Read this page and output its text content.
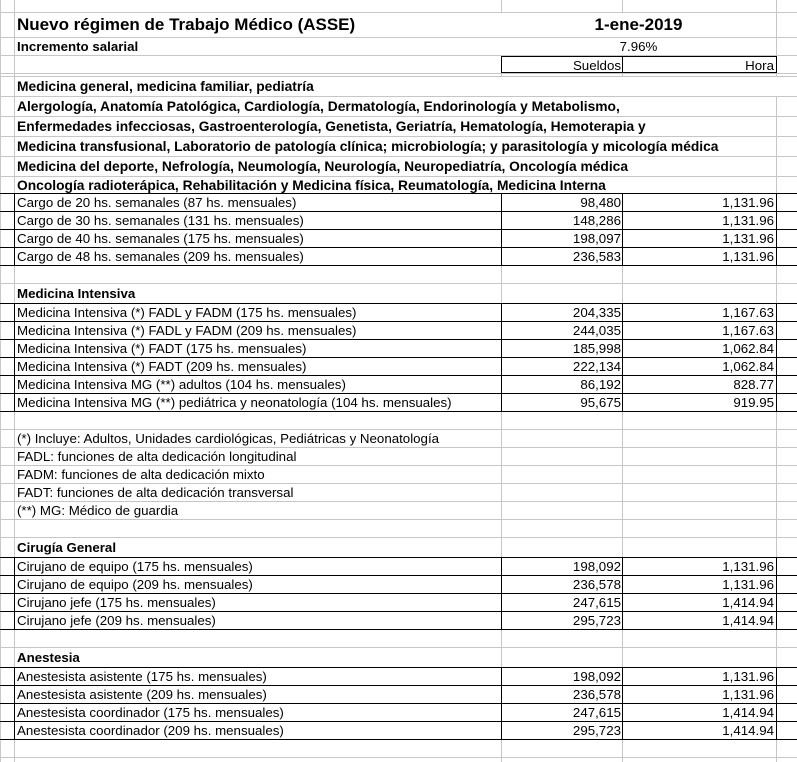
Nuevo régimen de Trabajo Médico (ASSE)	1-ene-2019
Incremento salarial	7.96%
Sueldos	Hora
Medicina general, medicina familiar, pediatría
Alergología, Anatomía Patológica, Cardiología, Dermatología, Endorinología y Metabolismo,
Enfermedades infecciosas, Gastroenterología, Genetista, Geriatría, Hematología, Hemoterapia y
Medicina transfusional, Laboratorio de patología clínica; microbiología; y parasitología y micología médica
Medicina del deporte, Nefrología, Neumología, Neurología, Neuropediatría, Oncología médica
Oncología radioterápica, Rehabilitación y Medicina física, Reumatología, Medicina Interna
Cargo de 20 hs. semanales (87 hs. mensuales)	98,480	1,131.96
Cargo de 30 hs. semanales (131 hs. mensuales)	148,286	1,131.96
Cargo de 40 hs. semanales (175 hs. mensuales)	198,097	1,131.96
Cargo de 48 hs. semanales (209 hs. mensuales)	236,583	1,131.96
Medicina Intensiva
Medicina Intensiva (*) FADL y FADM (175 hs. mensuales)	204,335	1,167.63
Medicina Intensiva (*) FADL y FADM (209 hs. mensuales)	244,035	1,167.63
Medicina Intensiva (*) FADT (175 hs. mensuales)	185,998	1,062.84
Medicina Intensiva (*) FADT (209 hs. mensuales)	222,134	1,062.84
Medicina Intensiva MG (**) adultos (104 hs. mensuales)	86,192	828.77
Medicina Intensiva MG (**) pediátrica y neonatología (104 hs. mensuales)	95,675	919.95
(*) Incluye: Adultos, Unidades cardiológicas, Pediátricas y Neonatología
FADL: funciones de alta dedicación longitudinal
FADM: funciones de alta dedicación mixto
FADT: funciones de alta dedicación transversal
(**) MG: Médico de guardia
Cirugía General
Cirujano de equipo (175 hs. mensuales)	198,092	1,131.96
Cirujano de equipo (209 hs. mensuales)	236,578	1,131.96
Cirujano jefe (175 hs. mensuales)	247,615	1,414.94
Cirujano jefe (209 hs. mensuales)	295,723	1,414.94
Anestesia
Anestesista asistente (175 hs. mensuales)	198,092	1,131.96
Anestesista asistente (209 hs. mensuales)	236,578	1,131.96
Anestesista coordinador (175 hs. mensuales)	247,615	1,414.94
Anestesista coordinador (209 hs. mensuales)	295,723	1,414.94
